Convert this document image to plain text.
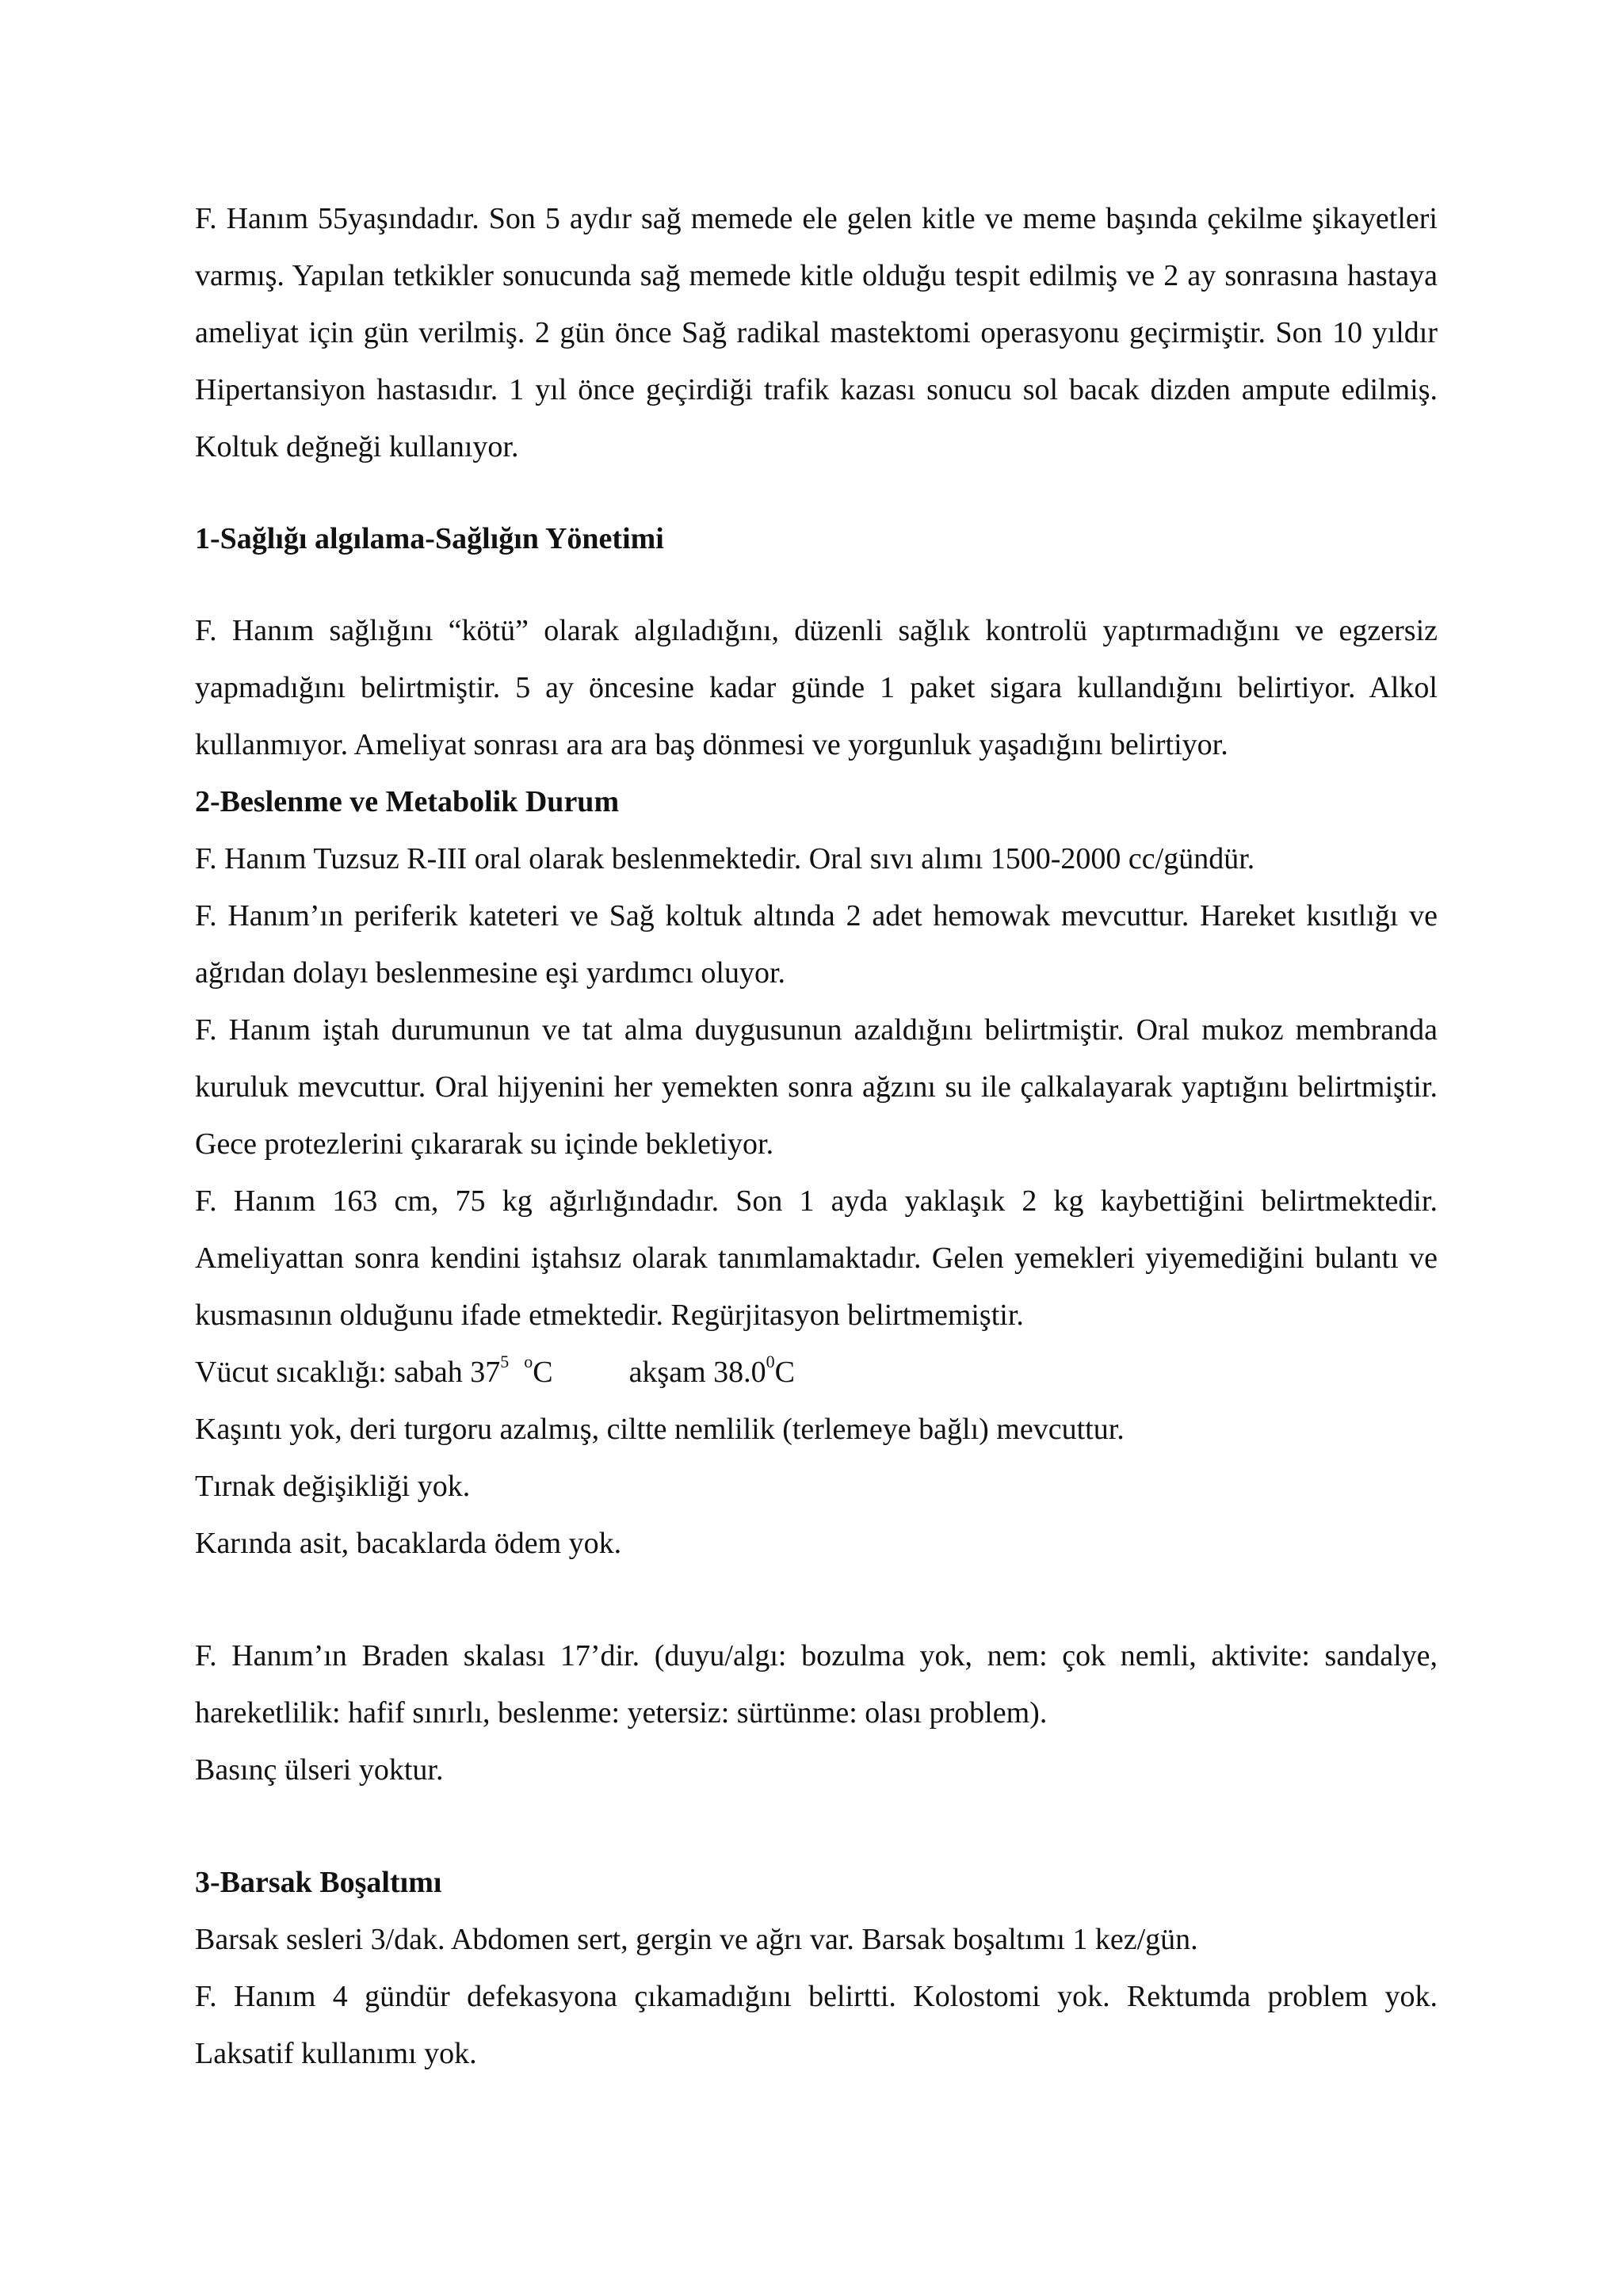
F. Hanım 55yaşındadır. Son 5 aydır sağ memede ele gelen kitle ve meme başında çekilme şikayetleri varmış. Yapılan tetkikler sonucunda sağ memede kitle olduğu tespit edilmiş ve 2 ay sonrasına hastaya ameliyat için gün verilmiş. 2 gün önce Sağ radikal mastektomi operasyonu geçirmiştir. Son 10 yıldır Hipertansiyon hastasıdır. 1 yıl önce geçirdiği trafik kazası sonucu sol bacak dizden ampute edilmiş. Koltuk değneği kullanıyor.

1-Sağlığı algılama-Sağlığın Yönetimi

F. Hanım sağlığını “kötü” olarak algıladığını, düzenli sağlık kontrolü yaptırmadığını ve egzersiz yapmadığını belirtmiştir. 5 ay öncesine kadar günde 1 paket sigara kullandığını belirtiyor. Alkol kullanmıyor. Ameliyat sonrası ara ara baş dönmesi ve yorgunluk yaşadığını belirtiyor.

2-Beslenme ve Metabolik Durum

F. Hanım Tuzsuz R-III oral olarak beslenmektedir. Oral sıvı alımı 1500-2000 cc/gündür.

F. Hanım’ın periferik kateteri ve Sağ koltuk altında 2 adet hemowak mevcuttur. Hareket kısıtlığı ve ağrıdan dolayı beslenmesine eşi yardımcı oluyor.

F. Hanım iştah durumunun ve tat alma duygusunun azaldığını belirtmiştir. Oral mukoz membranda kuruluk mevcuttur. Oral hijyenini her yemekten sonra ağzını su ile çalkalayarak yaptığını belirtmiştir. Gece protezlerini çıkararak su içinde bekletiyor.

F. Hanım 163 cm, 75 kg ağırlığındadır. Son 1 ayda yaklaşık 2 kg kaybettiğini belirtmektedir. Ameliyattan sonra kendini iştahsız olarak tanımlamaktadır. Gelen yemekleri yiyemediğini bulantı ve kusmasının olduğunu ifade etmektedir. Regürjitasyon belirtmemiştir.

Vücut sıcaklığı: sabah $37^5$ $^o$C	akşam 38.0$^0$C

Kaşıntı yok, deri turgoru azalmış, ciltte nemlilik (terlemeye bağlı) mevcuttur.

Tırnak değişikliği yok.

Karında asit, bacaklarda ödem yok.

F. Hanım’ın Braden skalası 17’dir. (duyu/algı: bozulma yok, nem: çok nemli, aktivite: sandalye, hareketlilik: hafif sınırlı, beslenme: yetersiz: sürtünme: olası problem).

Basınç ülseri yoktur.

3-Barsak Boşaltımı

Barsak sesleri 3/dak. Abdomen sert, gergin ve ağrı var. Barsak boşaltımı 1 kez/gün.

F. Hanım 4 gündür defekasyona çıkamadığını belirtti. Kolostomi yok. Rektumda problem yok. Laksatif kullanımı yok.
